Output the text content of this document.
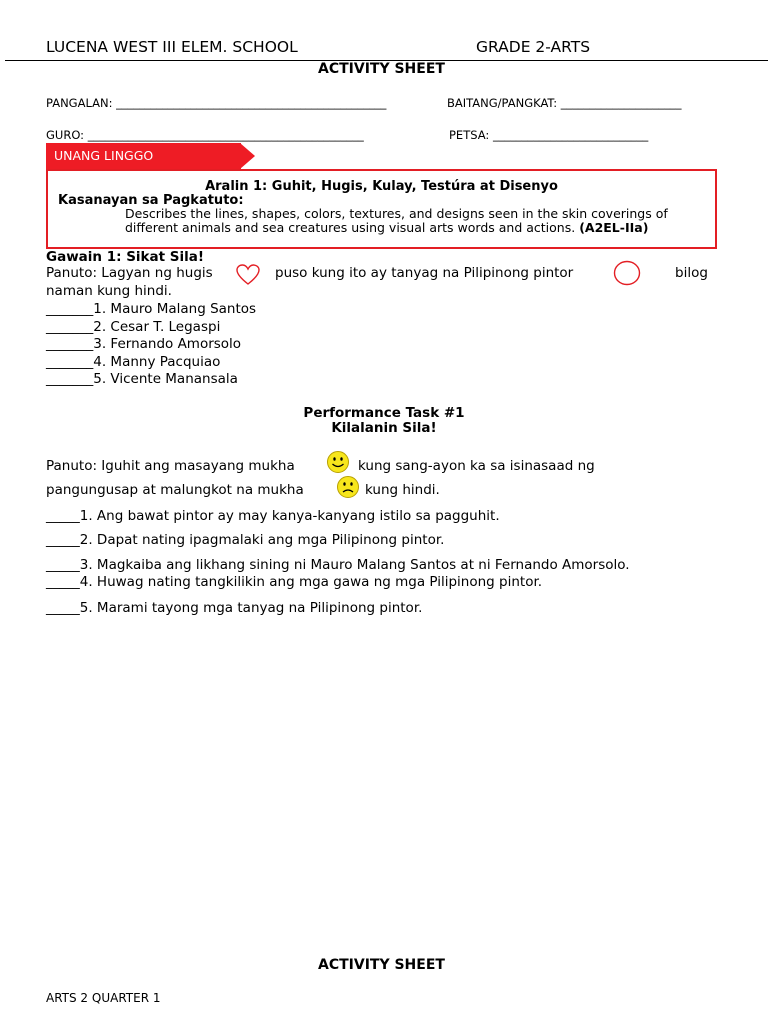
LUCENA WEST III ELEM. SCHOOL	GRADE 2-ARTS
ACTIVITY SHEET
PANGALAN: _______________________________________________	BAITANG/PANGKAT: _____________________
GURO: ________________________________________________	PETSA: ___________________________
UNANG LINGGO
Aralin 1: Guhit, Hugis, Kulay, Testúra at Disenyo
Kasanayan sa Pagkatuto:
Describes the lines, shapes, colors, textures, and designs seen in the skin coverings of different animals and sea creatures using visual arts words and actions. (A2EL-IIa)
Gawain 1: Sikat Sila!
Panuto: Lagyan ng hugis	puso kung ito ay tanyag na Pilipinong pintor	bilog
naman kung hindi.
_______1. Mauro Malang Santos
_______2. Cesar T. Legaspi
_______3. Fernando Amorsolo
_______4. Manny Pacquiao
_______5. Vicente Manansala
Performance Task #1
Kilalanin Sila!
Panuto: Iguhit ang masayang mukha	kung sang-ayon ka sa isinasaad ng
pangungusap at malungkot na mukha	kung hindi.
_____1. Ang bawat pintor ay may kanya-kanyang istilo sa pagguhit.
_____2. Dapat nating ipagmalaki ang mga Pilipinong pintor.
_____3. Magkaiba ang likhang sining ni Mauro Malang Santos at ni Fernando Amorsolo.
_____4. Huwag nating tangkilikin ang mga gawa ng mga Pilipinong pintor.
_____5. Marami tayong mga tanyag na Pilipinong pintor.
ACTIVITY SHEET
ARTS 2 QUARTER 1
